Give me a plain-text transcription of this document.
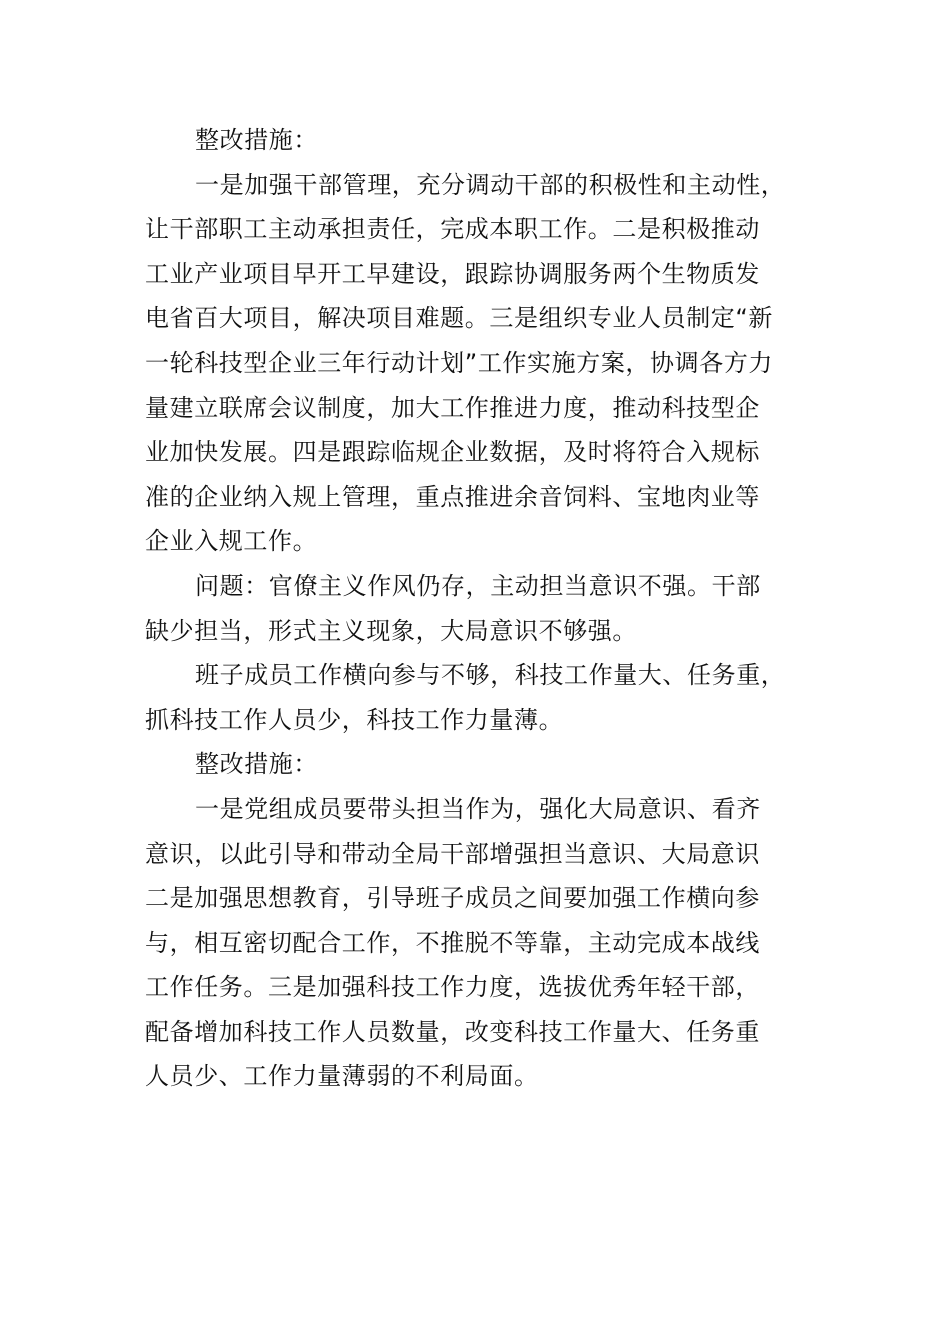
整改措施：
一是加强干部管理，充分调动干部的积极性和主动性，
让干部职工主动承担责任，完成本职工作。二是积极推动
工业产业项目早开工早建设，跟踪协调服务两个生物质发
电省百大项目，解决项目难题。三是组织专业人员制定“新
一轮科技型企业三年行动计划”工作实施方案，协调各方力
量建立联席会议制度，加大工作推进力度，推动科技型企
业加快发展。四是跟踪临规企业数据，及时将符合入规标
准的企业纳入规上管理，重点推进余音饲料、宝地肉业等
企业入规工作。
问题：官僚主义作风仍存，主动担当意识不强。干部
缺少担当，形式主义现象，大局意识不够强。
班子成员工作横向参与不够，科技工作量大、任务重，
抓科技工作人员少，科技工作力量薄。
整改措施：
一是党组成员要带头担当作为，强化大局意识、看齐
意识，以此引导和带动全局干部增强担当意识、大局意识
二是加强思想教育，引导班子成员之间要加强工作横向参
与，相互密切配合工作，不推脱不等靠，主动完成本战线
工作任务。三是加强科技工作力度，选拔优秀年轻干部，
配备增加科技工作人员数量，改变科技工作量大、任务重
人员少、工作力量薄弱的不利局面。
